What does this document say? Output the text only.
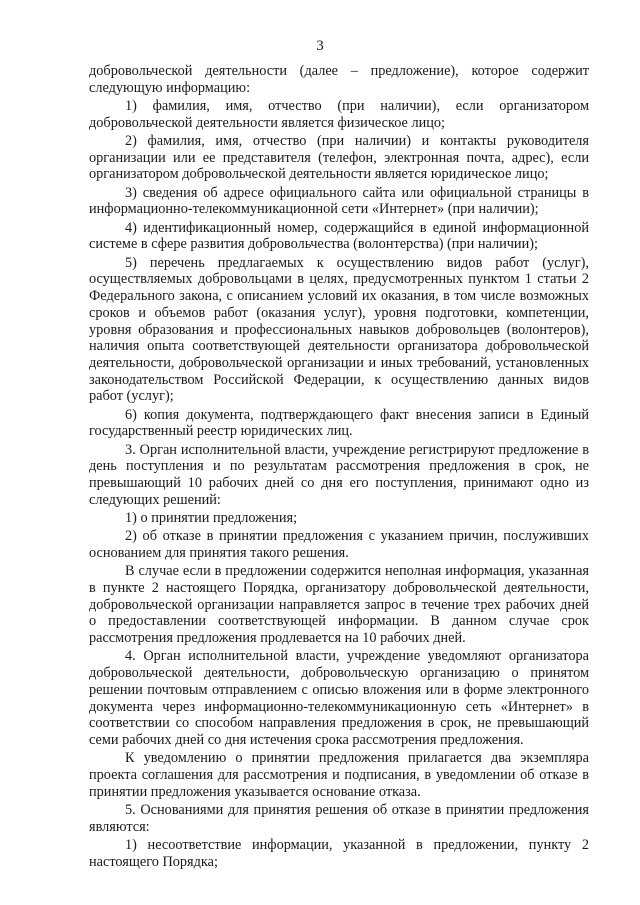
3

добровольческой деятельности (далее – предложение), которое содержит следующую информацию:

1) фамилия, имя, отчество (при наличии), если организатором добровольческой деятельности является физическое лицо;

2) фамилия, имя, отчество (при наличии) и контакты руководителя организации или ее представителя (телефон, электронная почта, адрес), если организатором добровольческой деятельности является юридическое лицо;

3) сведения об адресе официального сайта или официальной страницы в информационно-телекоммуникационной сети «Интернет» (при наличии);

4) идентификационный номер, содержащийся в единой информационной системе в сфере развития добровольчества (волонтерства) (при наличии);

5) перечень предлагаемых к осуществлению видов работ (услуг), осуществляемых добровольцами в целях, предусмотренных пунктом 1 статьи 2 Федерального закона, с описанием условий их оказания, в том числе возможных сроков и объемов работ (оказания услуг), уровня подготовки, компетенции, уровня образования и профессиональных навыков добровольцев (волонтеров), наличия опыта соответствующей деятельности организатора добровольческой деятельности, добровольческой организации и иных требований, установленных законодательством Российской Федерации, к осуществлению данных видов работ (услуг);

6) копия документа, подтверждающего факт внесения записи в Единый государственный реестр юридических лиц.

3. Орган исполнительной власти, учреждение регистрируют предложение в день поступления и по результатам рассмотрения предложения в срок, не превышающий 10 рабочих дней со дня его поступления, принимают одно из следующих решений:

1) о принятии предложения;

2) об отказе в принятии предложения с указанием причин, послуживших основанием для принятия такого решения.

В случае если в предложении содержится неполная информация, указанная в пункте 2 настоящего Порядка, организатору добровольческой деятельности, добровольческой организации направляется запрос в течение трех рабочих дней о предоставлении соответствующей информации. В данном случае срок рассмотрения предложения продлевается на 10 рабочих дней.

4. Орган исполнительной власти, учреждение уведомляют организатора добровольческой деятельности, добровольческую организацию о принятом решении почтовым отправлением с описью вложения или в форме электронного документа через информационно-телекоммуникационную сеть «Интернет» в соответствии со способом направления предложения в срок, не превышающий семи рабочих дней со дня истечения срока рассмотрения предложения.

К уведомлению о принятии предложения прилагается два экземпляра проекта соглашения для рассмотрения и подписания, в уведомлении об отказе в принятии предложения указывается основание отказа.

5. Основаниями для принятия решения об отказе в принятии предложения являются:

1) несоответствие информации, указанной в предложении, пункту 2 настоящего Порядка;
